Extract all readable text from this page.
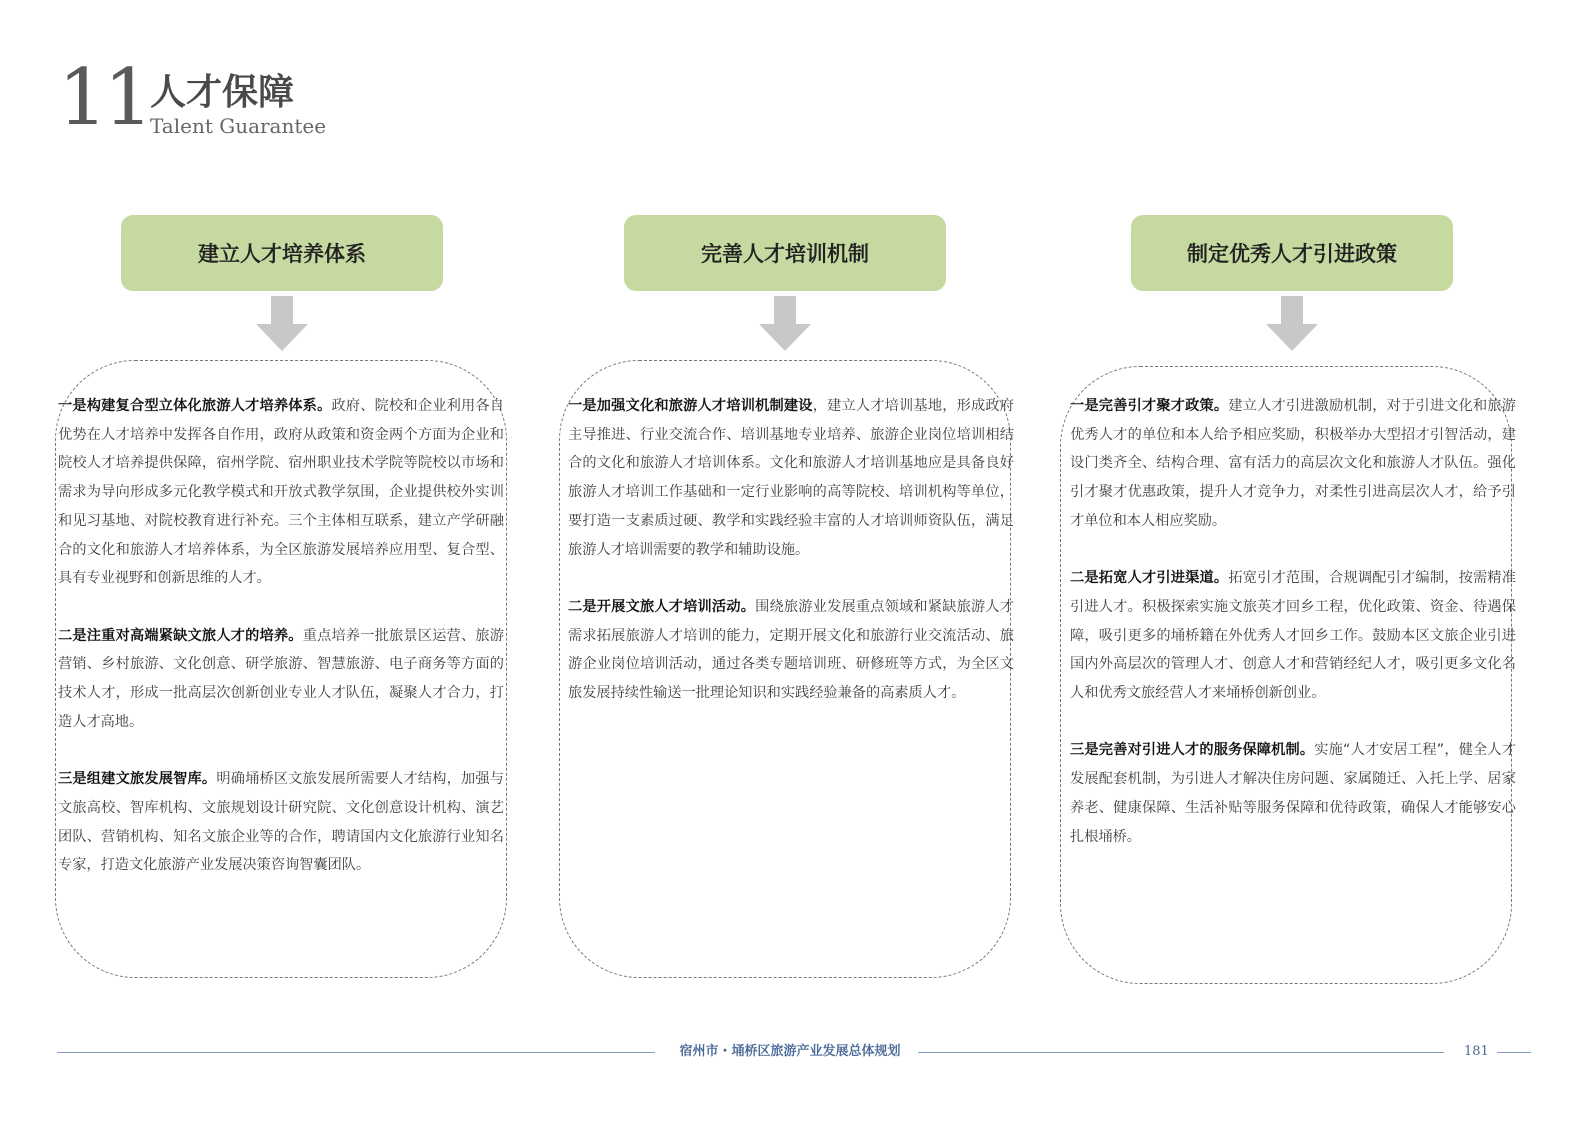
11 人才保障
Talent Guarantee
建立人才培养体系

一是构建复合型立体化旅游人才培养体系。政府、院校和企业利用各自优势在人才培养中发挥各自作用，政府从政策和资金两个方面为企业和院校人才培养提供保障，宿州学院、宿州职业技术学院等院校以市场和需求为导向形成多元化教学模式和开放式教学氛围，企业提供校外实训和见习基地、对院校教育进行补充。三个主体相互联系，建立产学研融合的文化和旅游人才培养体系，为全区旅游发展培养应用型、复合型、具有专业视野和创新思维的人才。

二是注重对高端紧缺文旅人才的培养。重点培养一批旅景区运营、旅游营销、乡村旅游、文化创意、研学旅游、智慧旅游、电子商务等方面的技术人才，形成一批高层次创新创业专业人才队伍，凝聚人才合力，打造人才高地。

三是组建文旅发展智库。明确埇桥区文旅发展所需要人才结构，加强与文旅高校、智库机构、文旅规划设计研究院、文化创意设计机构、演艺团队、营销机构、知名文旅企业等的合作，聘请国内文化旅游行业知名专家，打造文化旅游产业发展决策咨询智囊团队。

完善人才培训机制

一是加强文化和旅游人才培训机制建设，建立人才培训基地，形成政府主导推进、行业交流合作、培训基地专业培养、旅游企业岗位培训相结合的文化和旅游人才培训体系。文化和旅游人才培训基地应是具备良好旅游人才培训工作基础和一定行业影响的高等院校、培训机构等单位，要打造一支素质过硬、教学和实践经验丰富的人才培训师资队伍，满足旅游人才培训需要的教学和辅助设施。

二是开展文旅人才培训活动。围绕旅游业发展重点领域和紧缺旅游人才需求拓展旅游人才培训的能力，定期开展文化和旅游行业交流活动、旅游企业岗位培训活动，通过各类专题培训班、研修班等方式，为全区文旅发展持续性输送一批理论知识和实践经验兼备的高素质人才。

制定优秀人才引进政策

一是完善引才聚才政策。建立人才引进激励机制，对于引进文化和旅游优秀人才的单位和本人给予相应奖励，积极举办大型招才引智活动，建设门类齐全、结构合理、富有活力的高层次文化和旅游人才队伍。强化引才聚才优惠政策，提升人才竞争力，对柔性引进高层次人才，给予引才单位和本人相应奖励。

二是拓宽人才引进渠道。拓宽引才范围，合规调配引才编制，按需精准引进人才。积极探索实施文旅英才回乡工程，优化政策、资金、待遇保障，吸引更多的埇桥籍在外优秀人才回乡工作。鼓励本区文旅企业引进国内外高层次的管理人才、创意人才和营销经纪人才，吸引更多文化名人和优秀文旅经营人才来埇桥创新创业。

三是完善对引进人才的服务保障机制。实施“人才安居工程”，健全人才发展配套机制，为引进人才解决住房问题、家属随迁、入托上学、居家养老、健康保障、生活补贴等服务保障和优待政策，确保人才能够安心扎根埇桥。

宿州市・埇桥区旅游产业发展总体规划	181
